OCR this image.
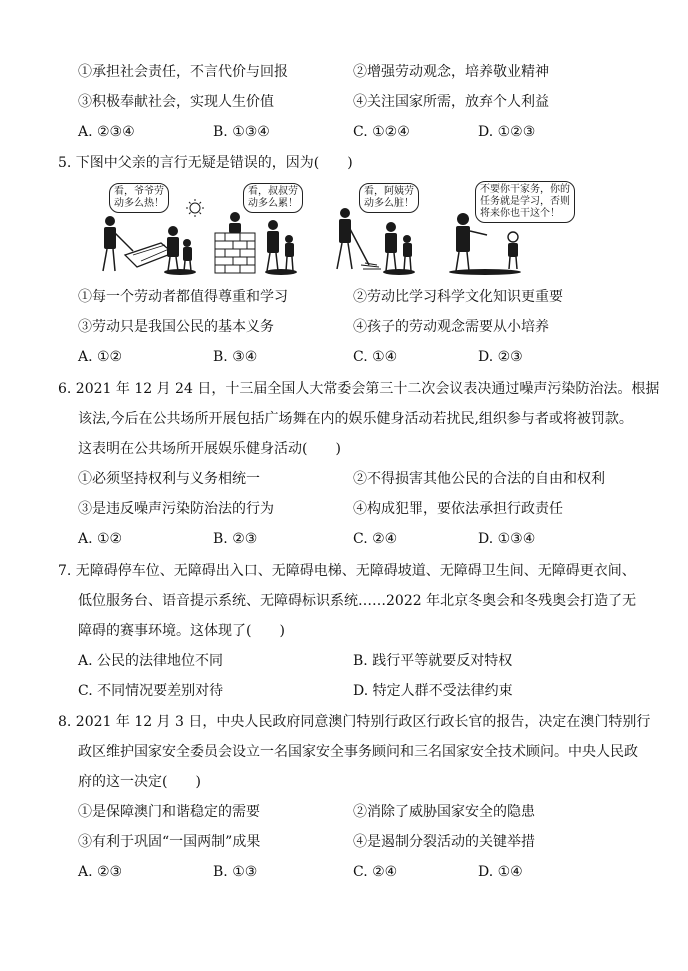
①承担社会责任，不言代价与回报	②增强劳动观念，培养敬业精神
③积极奉献社会，实现人生价值	④关注国家所需，放弃个人利益
A. ②③④	B. ①③④	C. ①②④	D. ①②③
5. 下图中父亲的言行无疑是错误的，因为(　　)
看，爷爷劳
动多么热！
看，叔叔劳
动多么累！
看，阿姨劳
动多么脏！
不要你干家务，你的
任务就是学习，否则
将来你也干这个！
①每一个劳动者都值得尊重和学习	②劳动比学习科学文化知识更重要
③劳动只是我国公民的基本义务	④孩子的劳动观念需要从小培养
A. ①②	B. ③④	C. ①④	D. ②③
6. 2021 年 12 月 24 日，十三届全国人大常委会第三十二次会议表决通过噪声污染防治法。根据
该法,今后在公共场所开展包括广场舞在内的娱乐健身活动若扰民,组织参与者或将被罚款。
这表明在公共场所开展娱乐健身活动(　　)
①必须坚持权利与义务相统一	②不得损害其他公民的合法的自由和权利
③是违反噪声污染防治法的行为	④构成犯罪，要依法承担行政责任
A. ①②	B. ②③	C. ②④	D. ①③④
7. 无障碍停车位、无障碍出入口、无障碍电梯、无障碍坡道、无障碍卫生间、无障碍更衣间、
低位服务台、语音提示系统、无障碍标识系统……2022 年北京冬奥会和冬残奥会打造了无
障碍的赛事环境。这体现了(　　)
A. 公民的法律地位不同	B. 践行平等就要反对特权
C. 不同情况要差别对待	D. 特定人群不受法律约束
8. 2021 年 12 月 3 日，中央人民政府同意澳门特别行政区行政长官的报告，决定在澳门特别行
政区维护国家安全委员会设立一名国家安全事务顾问和三名国家安全技术顾问。中央人民政
府的这一决定(　　)
①是保障澳门和谐稳定的需要	②消除了威胁国家安全的隐患
③有利于巩固“一国两制”成果	④是遏制分裂活动的关键举措
A. ②③	B. ①③	C. ②④	D. ①④
